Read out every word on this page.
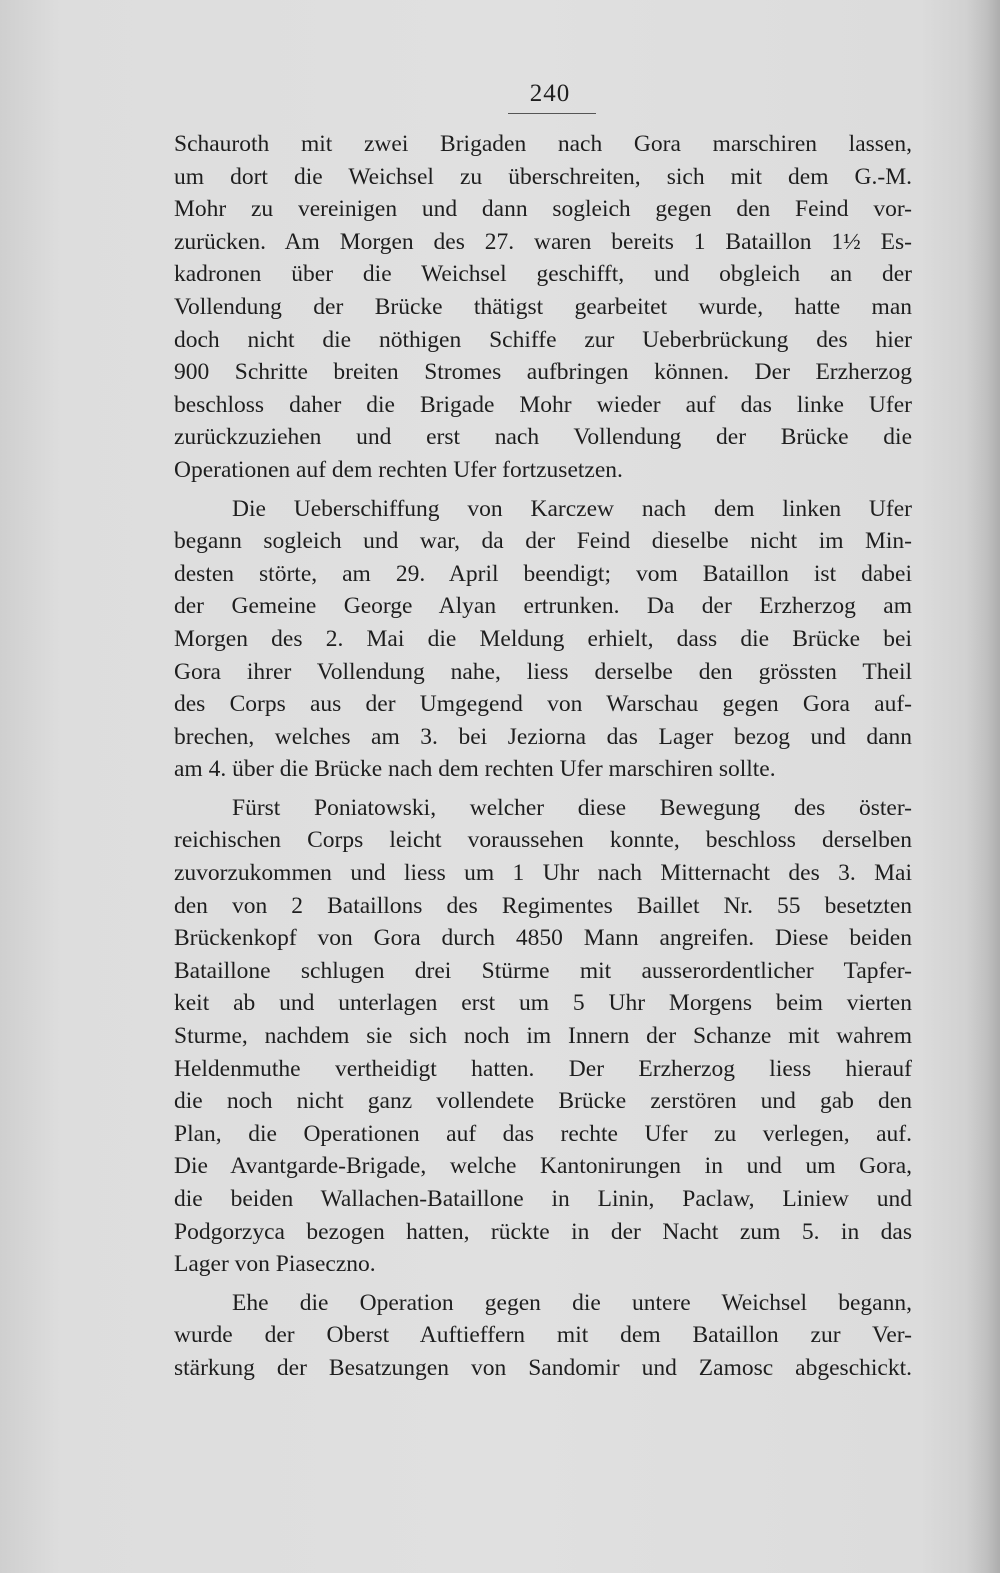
240
Schauroth mit zwei Brigaden nach Gora marschiren lassen,
um dort die Weichsel zu überschreiten, sich mit dem G.-M.
Mohr zu vereinigen und dann sogleich gegen den Feind vor-
zurücken. Am Morgen des 27. waren bereits 1 Bataillon 1½ Es-
kadronen über die Weichsel geschifft, und obgleich an der
Vollendung der Brücke thätigst gearbeitet wurde, hatte man
doch nicht die nöthigen Schiffe zur Ueberbrückung des hier
900 Schritte breiten Stromes aufbringen können. Der Erzherzog
beschloss daher die Brigade Mohr wieder auf das linke Ufer
zurückzuziehen und erst nach Vollendung der Brücke die
Operationen auf dem rechten Ufer fortzusetzen.
Die Ueberschiffung von Karczew nach dem linken Ufer
begann sogleich und war, da der Feind dieselbe nicht im Min-
desten störte, am 29. April beendigt; vom Bataillon ist dabei
der Gemeine George Alyan ertrunken. Da der Erzherzog am
Morgen des 2. Mai die Meldung erhielt, dass die Brücke bei
Gora ihrer Vollendung nahe, liess derselbe den grössten Theil
des Corps aus der Umgegend von Warschau gegen Gora auf-
brechen, welches am 3. bei Jeziorna das Lager bezog und dann
am 4. über die Brücke nach dem rechten Ufer marschiren sollte.
Fürst Poniatowski, welcher diese Bewegung des öster-
reichischen Corps leicht voraussehen konnte, beschloss derselben
zuvorzukommen und liess um 1 Uhr nach Mitternacht des 3. Mai
den von 2 Bataillons des Regimentes Baillet Nr. 55 besetzten
Brückenkopf von Gora durch 4850 Mann angreifen. Diese beiden
Bataillone schlugen drei Stürme mit ausserordentlicher Tapfer-
keit ab und unterlagen erst um 5 Uhr Morgens beim vierten
Sturme, nachdem sie sich noch im Innern der Schanze mit wahrem
Heldenmuthe vertheidigt hatten. Der Erzherzog liess hierauf
die noch nicht ganz vollendete Brücke zerstören und gab den
Plan, die Operationen auf das rechte Ufer zu verlegen, auf.
Die Avantgarde-Brigade, welche Kantonirungen in und um Gora,
die beiden Wallachen-Bataillone in Linin, Paclaw, Liniew und
Podgorzyca bezogen hatten, rückte in der Nacht zum 5. in das
Lager von Piaseczno.
Ehe die Operation gegen die untere Weichsel begann,
wurde der Oberst Auftieffern mit dem Bataillon zur Ver-
stärkung der Besatzungen von Sandomir und Zamosc abgeschickt.
